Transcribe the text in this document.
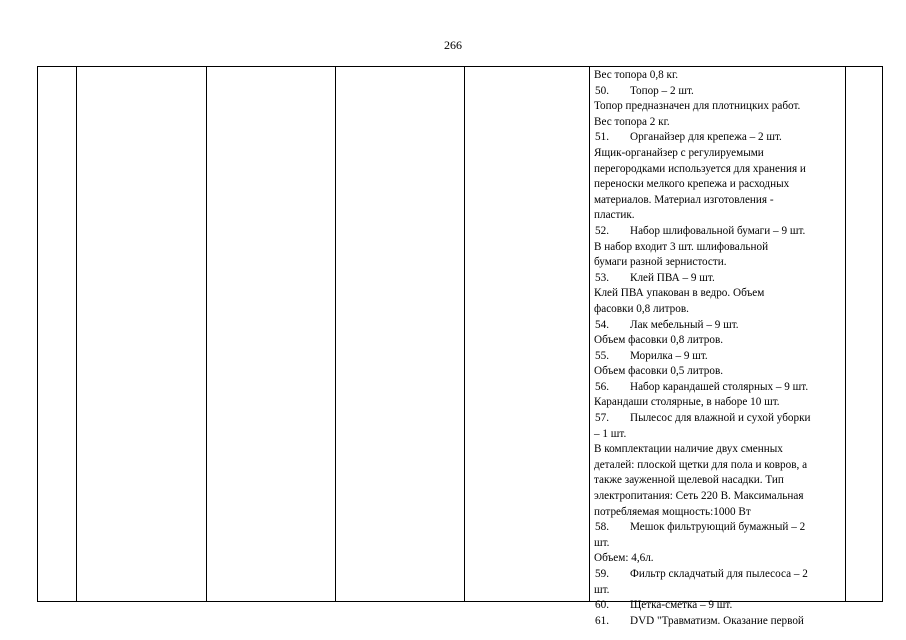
266
Вес топора 0,8 кг.
50. Топор – 2 шт.
Топор предназначен для плотницких работ.
Вес топора 2 кг.
51. Органайзер для крепежа – 2 шт.
Ящик-органайзер с регулируемыми
перегородками используется для хранения и
переноски мелкого крепежа и расходных
материалов. Материал изготовления -
пластик.
52. Набор шлифовальной бумаги – 9 шт.
В набор входит 3 шт. шлифовальной
бумаги разной зернистости.
53. Клей ПВА – 9 шт.
Клей ПВА упакован в ведро. Объем
фасовки 0,8 литров.
54. Лак мебельный – 9 шт.
Объем фасовки 0,8 литров.
55. Морилка – 9 шт.
Объем фасовки 0,5 литров.
56. Набор карандашей столярных – 9 шт.
Карандаши столярные, в наборе 10 шт.
57. Пылесос для влажной и сухой уборки
– 1 шт.
В комплектации наличие двух сменных
деталей: плоской щетки для пола и ковров, а
также зауженной щелевой насадки. Тип
электропитания: Сеть 220 В. Максимальная
потребляемая мощность:1000 Вт
58. Мешок фильтрующий бумажный – 2
шт.
Объем: 4,6л.
59. Фильтр складчатый для пылесоса – 2
шт.
60. Щетка-сметка – 9 шт.
61. DVD "Травматизм. Оказание первой
